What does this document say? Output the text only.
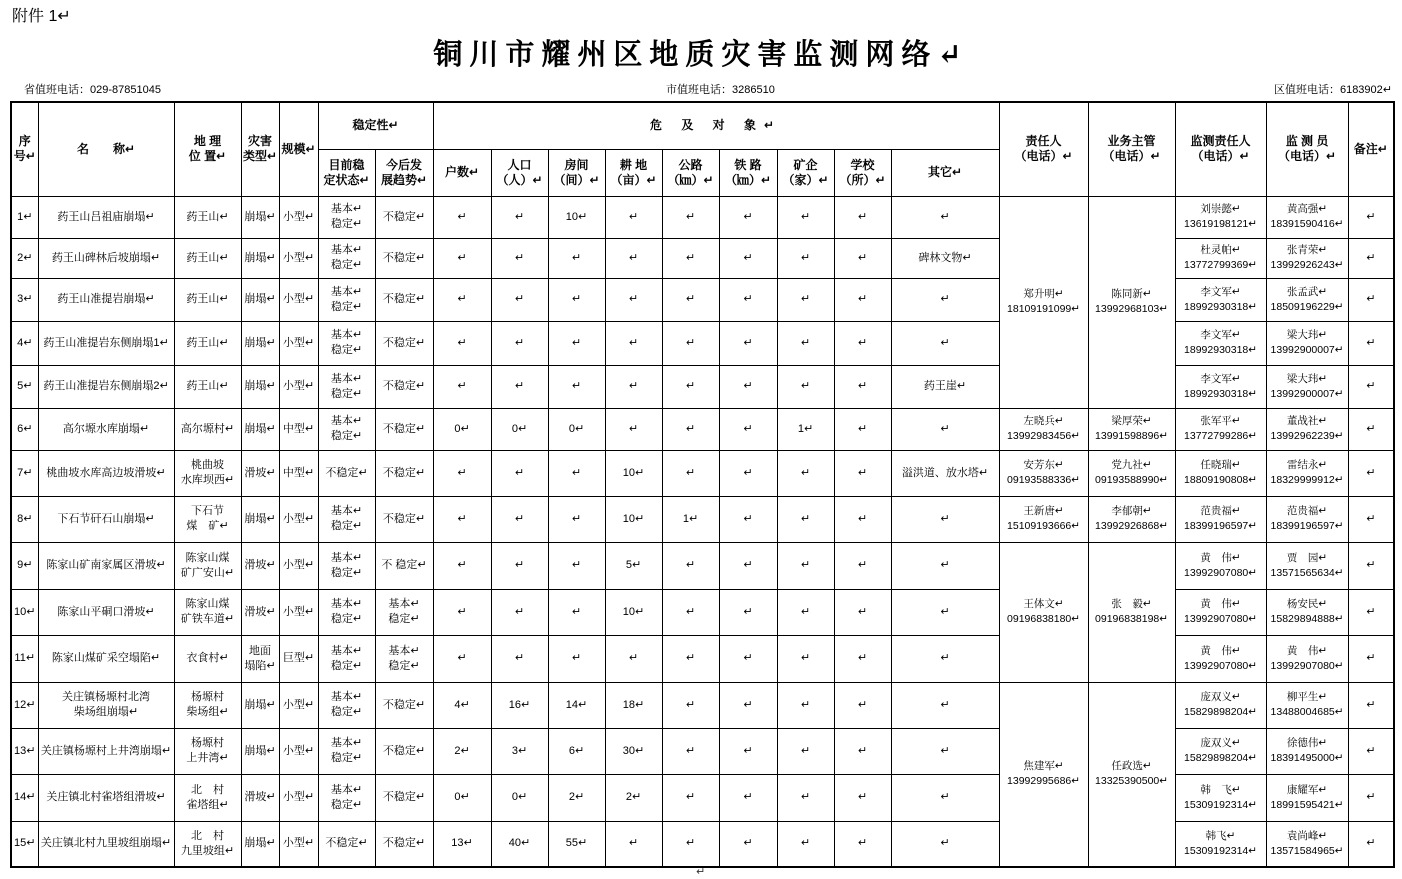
附件 1↵
铜川市耀州区地质灾害监测网络↵
省值班电话：029-87851045	市值班电话：3286510	区值班电话：6183902↵
序
号↵	名　　称↵	地 理
位 置↵	灾害
类型↵	规模↵	稳定性↵		危 及 对 象↵									责任人
（电话）↵	业务主管
（电话）↵	监测责任人
（电话）↵	监 测 员
（电话）↵	备注↵
					目前稳
定状态↵	今后发
展趋势↵	户数↵	人口
（人）↵	房间
（间）↵	耕 地
（亩）↵	公路
（㎞）↵	铁 路
（㎞）↵	矿企
（家）↵	学校
（所）↵	其它↵					
1↵	药王山吕祖庙崩塌↵	药王山↵	崩塌↵	小型↵	基本↵
稳定↵	不稳定↵	↵	↵	10↵	↵	↵	↵	↵	↵	↵	郑升明↵
18109191099↵	陈同新↵
13992968103↵	刘崇懿↵
13619198121↵	黄高强↵
18391590416↵	↵
2↵	药王山碑林后坡崩塌↵	药王山↵	崩塌↵	小型↵	基本↵
稳定↵	不稳定↵	↵	↵	↵	↵	↵	↵	↵	↵	碑林文物↵			杜灵帕↵
13772799369↵	张青荣↵
13992926243↵	↵
3↵	药王山准提岩崩塌↵	药王山↵	崩塌↵	小型↵	基本↵
稳定↵	不稳定↵	↵	↵	↵	↵	↵	↵	↵	↵	↵			李文军↵
18992930318↵	张孟武↵
18509196229↵	↵
4↵	药王山准提岩东侧崩塌1↵	药王山↵	崩塌↵	小型↵	基本↵
稳定↵	不稳定↵	↵	↵	↵	↵	↵	↵	↵	↵	↵			李文军↵
18992930318↵	梁大玮↵
13992900007↵	↵
5↵	药王山准提岩东侧崩塌2↵	药王山↵	崩塌↵	小型↵	基本↵
稳定↵	不稳定↵	↵	↵	↵	↵	↵	↵	↵	↵	药王崖↵			李文军↵
18992930318↵	梁大玮↵
13992900007↵	↵
6↵	高尔塬水库崩塌↵	高尔塬村↵	崩塌↵	中型↵	基本↵
稳定↵	不稳定↵	0↵	0↵	0↵	↵	↵	↵	1↵	↵	↵	左晓兵↵
13992983456↵	梁厚荣↵
13991598896↵	张军平↵
13772799286↵	董战社↵
13992962239↵	↵
7↵	桃曲坡水库高边坡滑坡↵	桃曲坡
水库坝西↵	滑坡↵	中型↵	不稳定↵	不稳定↵	↵	↵	↵	10↵	↵	↵	↵	↵	溢洪道、放水塔↵	安芳东↵
09193588336↵	党九社↵
09193588990↵	任晓瑞↵
18809190808↵	雷结永↵
18329999912↵	↵
8↵	下石节矸石山崩塌↵	下石节
煤　矿↵	崩塌↵	小型↵	基本↵
稳定↵	不稳定↵	↵	↵	↵	10↵	1↵	↵	↵	↵	↵	王新唐↵
15109193666↵	李郁朝↵
13992926868↵	范贵福↵
18399196597↵	范贵福↵
18399196597↵	↵
9↵	陈家山矿南家属区滑坡↵	陈家山煤
矿广安山↵	滑坡↵	小型↵	基本↵
稳定↵	不 稳定↵	↵	↵	↵	5↵	↵	↵	↵	↵	↵	王体文↵
09196838180↵	张　毅↵
09196838198↵	黄　伟↵
13992907080↵	贾　园↵
13571565634↵	↵
10↵	陈家山平硐口滑坡↵	陈家山煤
矿铁车道↵	滑坡↵	小型↵	基本↵
稳定↵	基本↵
稳定↵	↵	↵	↵	10↵	↵	↵	↵	↵	↵			黄　伟↵
13992907080↵	杨安民↵
15829894888↵	↵
11↵	陈家山煤矿采空塌陷↵	衣食村↵	地面
塌陷↵	巨型↵	基本↵
稳定↵	基本↵
稳定↵	↵	↵	↵	↵	↵	↵	↵	↵	↵			黄　伟↵
13992907080↵	黄　伟↵
13992907080↵	↵
12↵	关庄镇杨塬村北湾
柴场组崩塌↵	杨塬村
柴场组↵	崩塌↵	小型↵	基本↵
稳定↵	不稳定↵	4↵	16↵	14↵	18↵	↵	↵	↵	↵	↵	焦建军↵
13992995686↵	任政选↵
13325390500↵	庞双义↵
15829898204↵	柳平生↵
13488004685↵	↵
13↵	关庄镇杨塬村上井湾崩塌↵	杨塬村
上井湾↵	崩塌↵	小型↵	基本↵
稳定↵	不稳定↵	2↵	3↵	6↵	30↵	↵	↵	↵	↵	↵			庞双义↵
15829898204↵	徐德伟↵
18391495000↵	↵
14↵	关庄镇北村雀塔组滑坡↵	北　村
雀塔组↵	滑坡↵	小型↵	基本↵
稳定↵	不稳定↵	0↵	0↵	2↵	2↵	↵	↵	↵	↵	↵			韩　飞↵
15309192314↵	康耀军↵
18991595421↵	↵
15↵	关庄镇北村九里坡组崩塌↵	北　村
九里坡组↵	崩塌↵	小型↵	不稳定↵	不稳定↵	13↵	40↵	55↵	↵	↵	↵	↵	↵	↵			韩飞↵
15309192314↵	袁尚峰↵
13571584965↵	↵
↵
